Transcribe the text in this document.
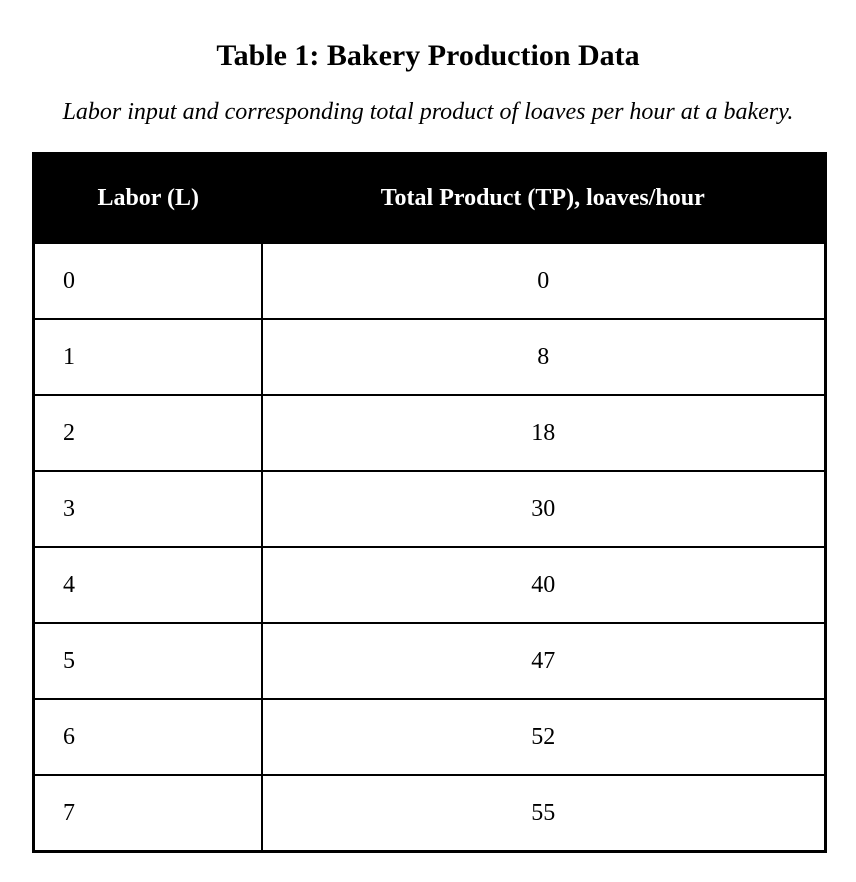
Table 1: Bakery Production Data
Labor input and corresponding total product of loaves per hour at a bakery.
Labor (L)	Total Product (TP), loaves/hour
0	0
1	8
2	18
3	30
4	40
5	47
6	52
7	55
